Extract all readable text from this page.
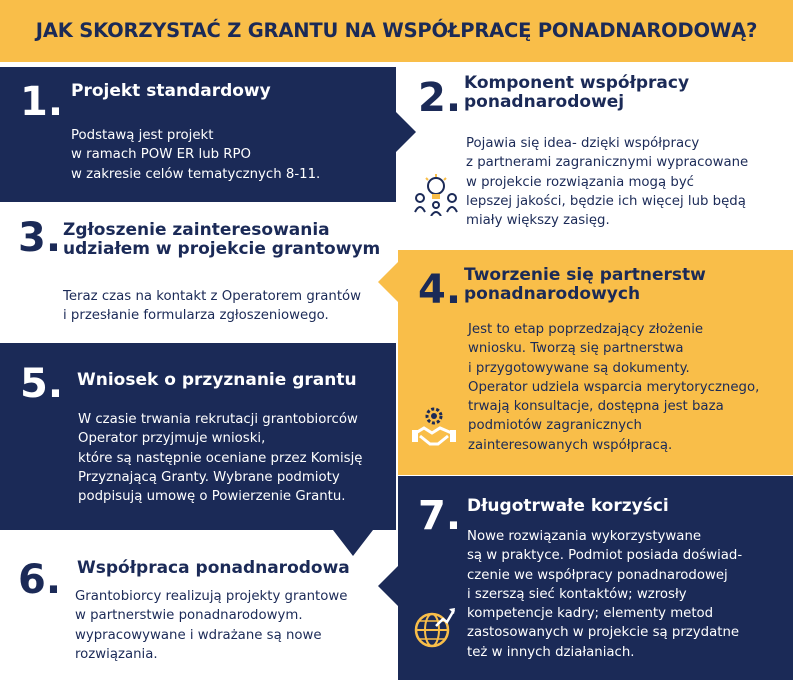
JAK SKORZYSTAĆ Z GRANTU NA WSPÓŁPRACĘ PONADNARODOWĄ?
1. Projekt standardowy
Podstawą jest projekt
w ramach POW ER lub RPO
w zakresie celów tematycznych 8-11.
2. Komponent współpracy
ponadnarodowej
Pojawia się idea- dzięki współpracy
z partnerami zagranicznymi wypracowane
w projekcie rozwiązania mogą być
lepszej jakości, będzie ich więcej lub będą
miały większy zasięg.
3. Zgłoszenie zainteresowania
udziałem w projekcie grantowym
Teraz czas na kontakt z Operatorem grantów
i przesłanie formularza zgłoszeniowego.
4. Tworzenie się partnerstw
ponadnarodowych
Jest to etap poprzedzający złożenie
wniosku. Tworzą się partnerstwa
i przygotowywane są dokumenty.
Operator udziela wsparcia merytorycznego,
trwają konsultacje, dostępna jest baza
podmiotów zagranicznych
zainteresowanych współpracą.
5. Wniosek o przyznanie grantu
W czasie trwania rekrutacji grantobiorców
Operator przyjmuje wnioski,
które są następnie oceniane przez Komisję
Przyznającą Granty. Wybrane podmioty
podpisują umowę o Powierzenie Grantu.
6. Współpraca ponadnarodowa
Grantobiorcy realizują projekty grantowe
w partnerstwie ponadnarodowym.
wypracowywane i wdrażane są nowe
rozwiązania.
7. Długotrwałe korzyści
Nowe rozwiązania wykorzystywane
są w praktyce. Podmiot posiada doświad-
czenie we współpracy ponadnarodowej
i szerszą sieć kontaktów; wzrosły
kompetencje kadry; elementy metod
zastosowanych w projekcie są przydatne
też w innych działaniach.
